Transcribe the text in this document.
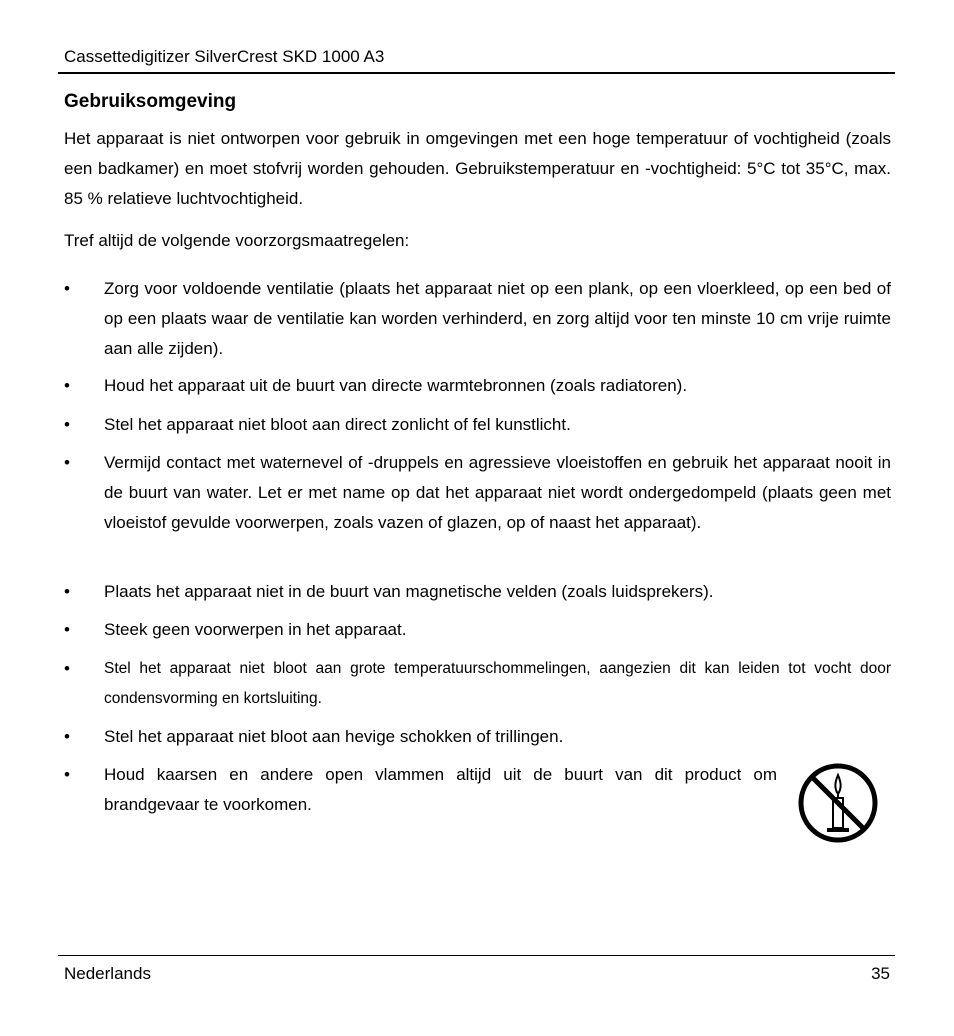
Cassettedigitizer SilverCrest SKD 1000 A3
Gebruiksomgeving

Het apparaat is niet ontworpen voor gebruik in omgevingen met een hoge temperatuur of vochtigheid (zoals een badkamer) en moet stofvrij worden gehouden. Gebruikstemperatuur en -vochtigheid: 5°C tot 35°C, max. 85 % relatieve luchtvochtigheid.

Tref altijd de volgende voorzorgsmaatregelen:

• Zorg voor voldoende ventilatie (plaats het apparaat niet op een plank, op een vloerkleed, op een bed of op een plaats waar de ventilatie kan worden verhinderd, en zorg altijd voor ten minste 10 cm vrije ruimte aan alle zijden).

• Houd het apparaat uit de buurt van directe warmtebronnen (zoals radiatoren).

• Stel het apparaat niet bloot aan direct zonlicht of fel kunstlicht.

• Vermijd contact met waternevel of -druppels en agressieve vloeistoffen en gebruik het apparaat nooit in de buurt van water. Let er met name op dat het apparaat niet wordt ondergedompeld (plaats geen met vloeistof gevulde voorwerpen, zoals vazen of glazen, op of naast het apparaat).

• Plaats het apparaat niet in de buurt van magnetische velden (zoals luidsprekers).

• Steek geen voorwerpen in het apparaat.

• Stel het apparaat niet bloot aan grote temperatuurschommelingen, aangezien dit kan leiden tot vocht door condensvorming en kortsluiting.

• Stel het apparaat niet bloot aan hevige schokken of trillingen.

• Houd kaarsen en andere open vlammen altijd uit de buurt van dit product om brandgevaar te voorkomen.

Nederlands	35
